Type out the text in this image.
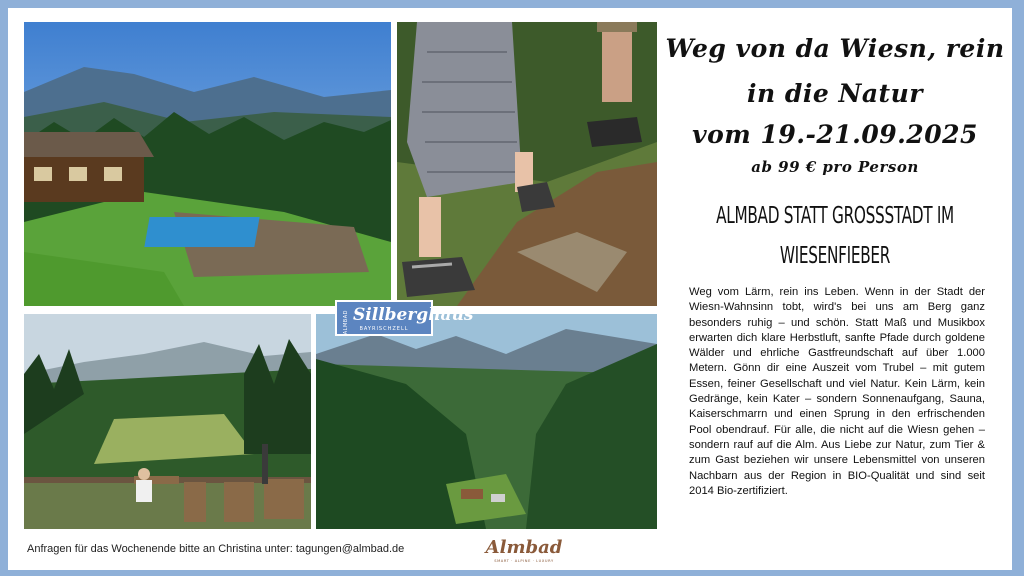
ALMBAD Sillberghaus
BAYRISCHZELL
Weg von da Wiesn, rein
in die Natur
vom 19.-21.09.2025
ab 99 € pro Person
ALMBAD STATT GROSSSTADT IM
WIESENFIEBER
Weg vom Lärm, rein ins Leben. Wenn in der Stadt der Wiesn-Wahnsinn tobt, wird's bei uns am Berg ganz besonders ruhig – und schön. Statt Maß und Musikbox erwarten dich klare Herbstluft, sanfte Pfade durch goldene Wälder und ehrliche Gastfreundschaft auf über 1.000 Metern. Gönn dir eine Auszeit vom Trubel – mit gutem Essen, feiner Gesellschaft und viel Natur. Kein Lärm, kein Gedränge, kein Kater – sondern Sonnenaufgang, Sauna, Kaiserschmarrn und einen Sprung in den erfrischenden Pool obendrauf. Für alle, die nicht auf die Wiesn gehen – sondern rauf auf die Alm. Aus Liebe zur Natur, zum Tier & zum Gast beziehen wir unsere Lebensmittel von unseren Nachbarn aus der Region in BIO-Qualität und sind seit 2014 Bio-zertifiziert.
Anfragen für das Wochenende bitte an Christina unter: tagungen@almbad.de	Almbad
SMART · ALPINE · LUXURY
